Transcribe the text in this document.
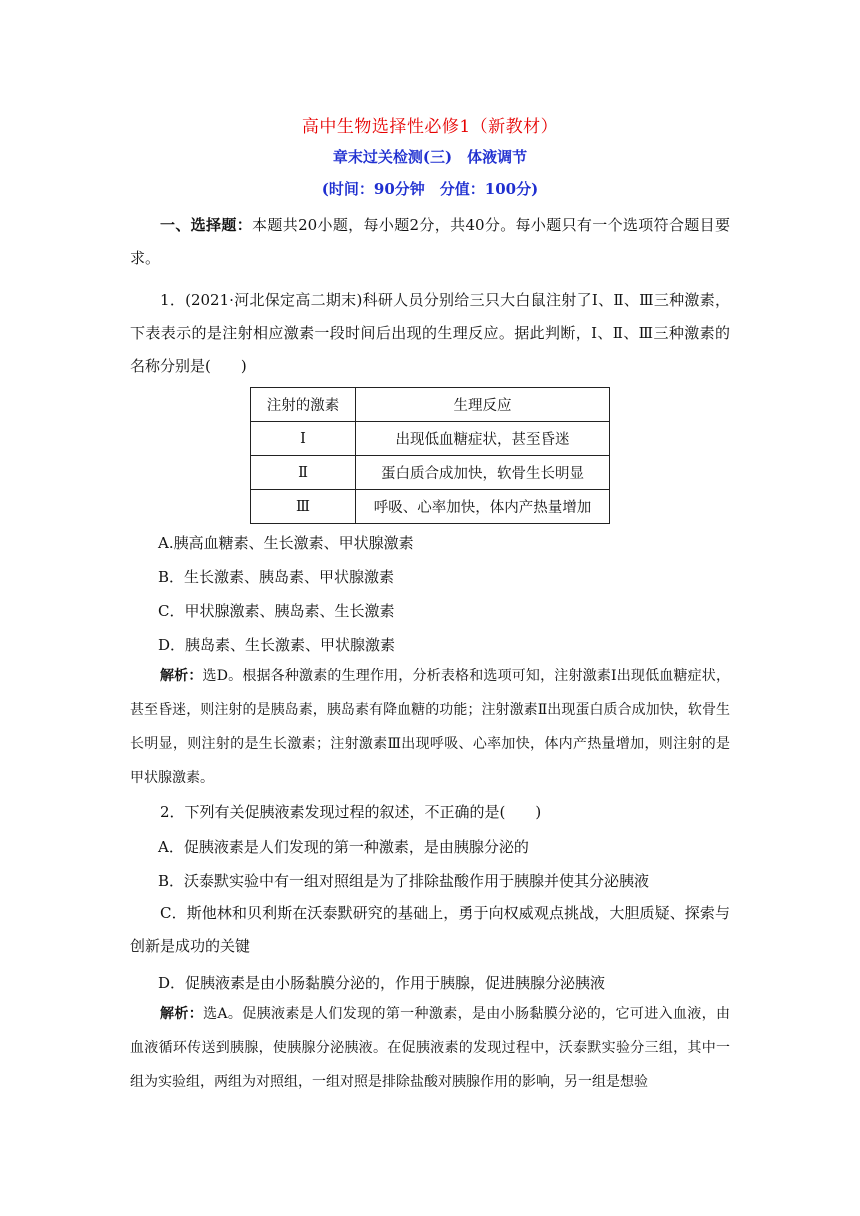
高中生物选择性必修1（新教材）
章末过关检测(三)　体液调节
(时间：90分钟　分值：100分)
一、选择题：本题共20小题，每小题2分，共40分。每小题只有一个选项符合题目要求。
1．(2021·河北保定高二期末)科研人员分别给三只大白鼠注射了Ⅰ、Ⅱ、Ⅲ三种激素，下表表示的是注射相应激素一段时间后出现的生理反应。据此判断，Ⅰ、Ⅱ、Ⅲ三种激素的名称分别是(　　)
注射的激素	生理反应
Ⅰ	出现低血糖症状，甚至昏迷
Ⅱ	蛋白质合成加快，软骨生长明显
Ⅲ	呼吸、心率加快，体内产热量增加
A.胰高血糖素、生长激素、甲状腺激素
B．生长激素、胰岛素、甲状腺激素
C．甲状腺激素、胰岛素、生长激素
D．胰岛素、生长激素、甲状腺激素
解析：选D。根据各种激素的生理作用，分析表格和选项可知，注射激素Ⅰ出现低血糖症状，甚至昏迷，则注射的是胰岛素，胰岛素有降血糖的功能；注射激素Ⅱ出现蛋白质合成加快，软骨生长明显，则注射的是生长激素；注射激素Ⅲ出现呼吸、心率加快，体内产热量增加，则注射的是甲状腺激素。
2．下列有关促胰液素发现过程的叙述，不正确的是(　　)
A．促胰液素是人们发现的第一种激素，是由胰腺分泌的
B．沃泰默实验中有一组对照组是为了排除盐酸作用于胰腺并使其分泌胰液
C．斯他林和贝利斯在沃泰默研究的基础上，勇于向权威观点挑战，大胆质疑、探索与创新是成功的关键
D．促胰液素是由小肠黏膜分泌的，作用于胰腺，促进胰腺分泌胰液
解析：选A。促胰液素是人们发现的第一种激素，是由小肠黏膜分泌的，它可进入血液，由血液循环传送到胰腺，使胰腺分泌胰液。在促胰液素的发现过程中，沃泰默实验分三组，其中一组为实验组，两组为对照组，一组对照是排除盐酸对胰腺作用的影响，另一组是想验
